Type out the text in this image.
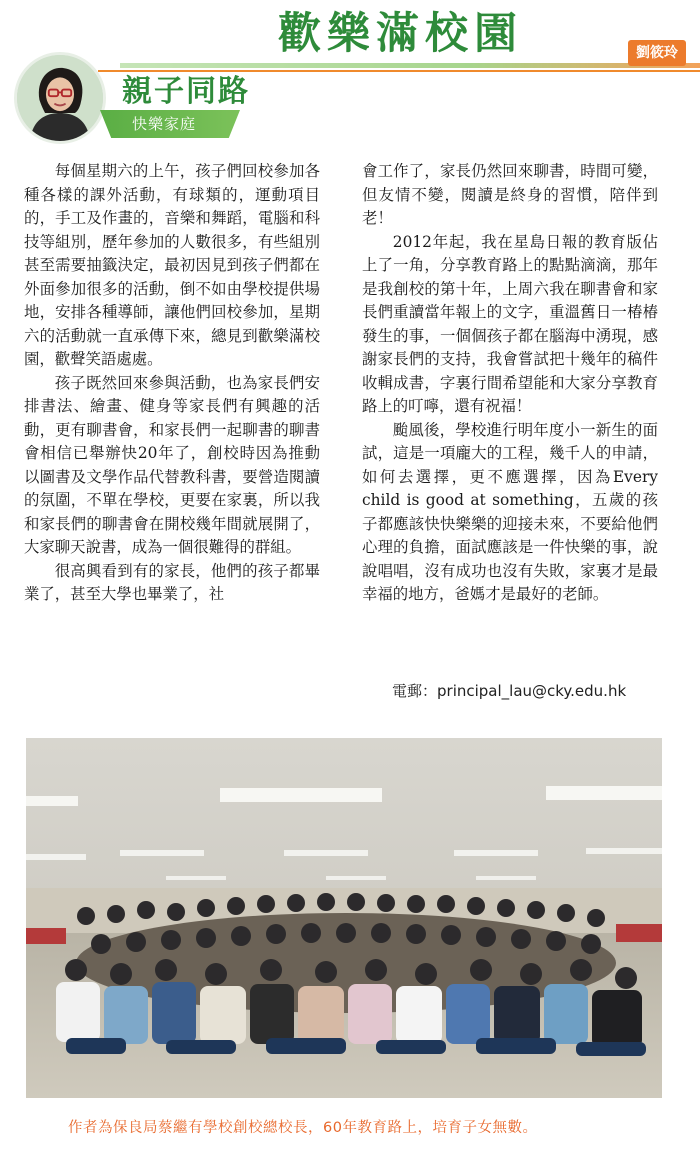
歡樂滿校園	劉筱玲
親子同路
快樂家庭

每個星期六的上午，孩子們回校參加各種各樣的課外活動，有球類的，運動項目的，手工及作畫的，音樂和舞蹈，電腦和科技等組別，歷年參加的人數很多，有些組別甚至需要抽籤決定，最初因見到孩子們都在外面參加很多的活動，倒不如由學校提供場地，安排各種導師，讓他們回校參加，星期六的活動就一直承傳下來，總見到歡樂滿校園，歡聲笑語處處。

孩子既然回來參與活動，也為家長們安排書法、繪畫、健身等家長們有興趣的活動，更有聊書會，和家長們一起聊書的聊書會相信已舉辦快20年了，創校時因為推動以圖書及文學作品代替教科書，要營造閱讀的氛圍，不單在學校，更要在家裏，所以我和家長們的聊書會在開校幾年間就展開了，大家聊天說書，成為一個很難得的群組。

很高興看到有的家長，他們的孩子都畢業了，甚至大學也畢業了，社

會工作了，家長仍然回來聊書，時間可變，但友情不變，閱讀是終身的習慣，陪伴到老！

2012年起，我在星島日報的教育版佔上了一角，分享教育路上的點點滴滴，那年是我創校的第十年，上周六我在聊書會和家長們重讀當年報上的文字，重溫舊日一椿椿發生的事，一個個孩子都在腦海中湧現，感謝家長們的支持，我會嘗試把十幾年的稿件收輯成書，字裏行間希望能和大家分享教育路上的叮嚀，還有祝福！

颱風後，學校進行明年度小一新生的面試，這是一項龐大的工程，幾千人的申請，如何去選擇，更不應選擇，因為Every child is good at something，五歲的孩子都應該快快樂樂的迎接未來，不要給他們心理的負擔，面試應該是一件快樂的事，說說唱唱，沒有成功也沒有失敗，家裏才是最幸福的地方，爸媽才是最好的老師。

電郵：principal_lau@cky.edu.hk
作者為保良局蔡繼有學校創校總校長，60年教育路上，培育子女無數。
